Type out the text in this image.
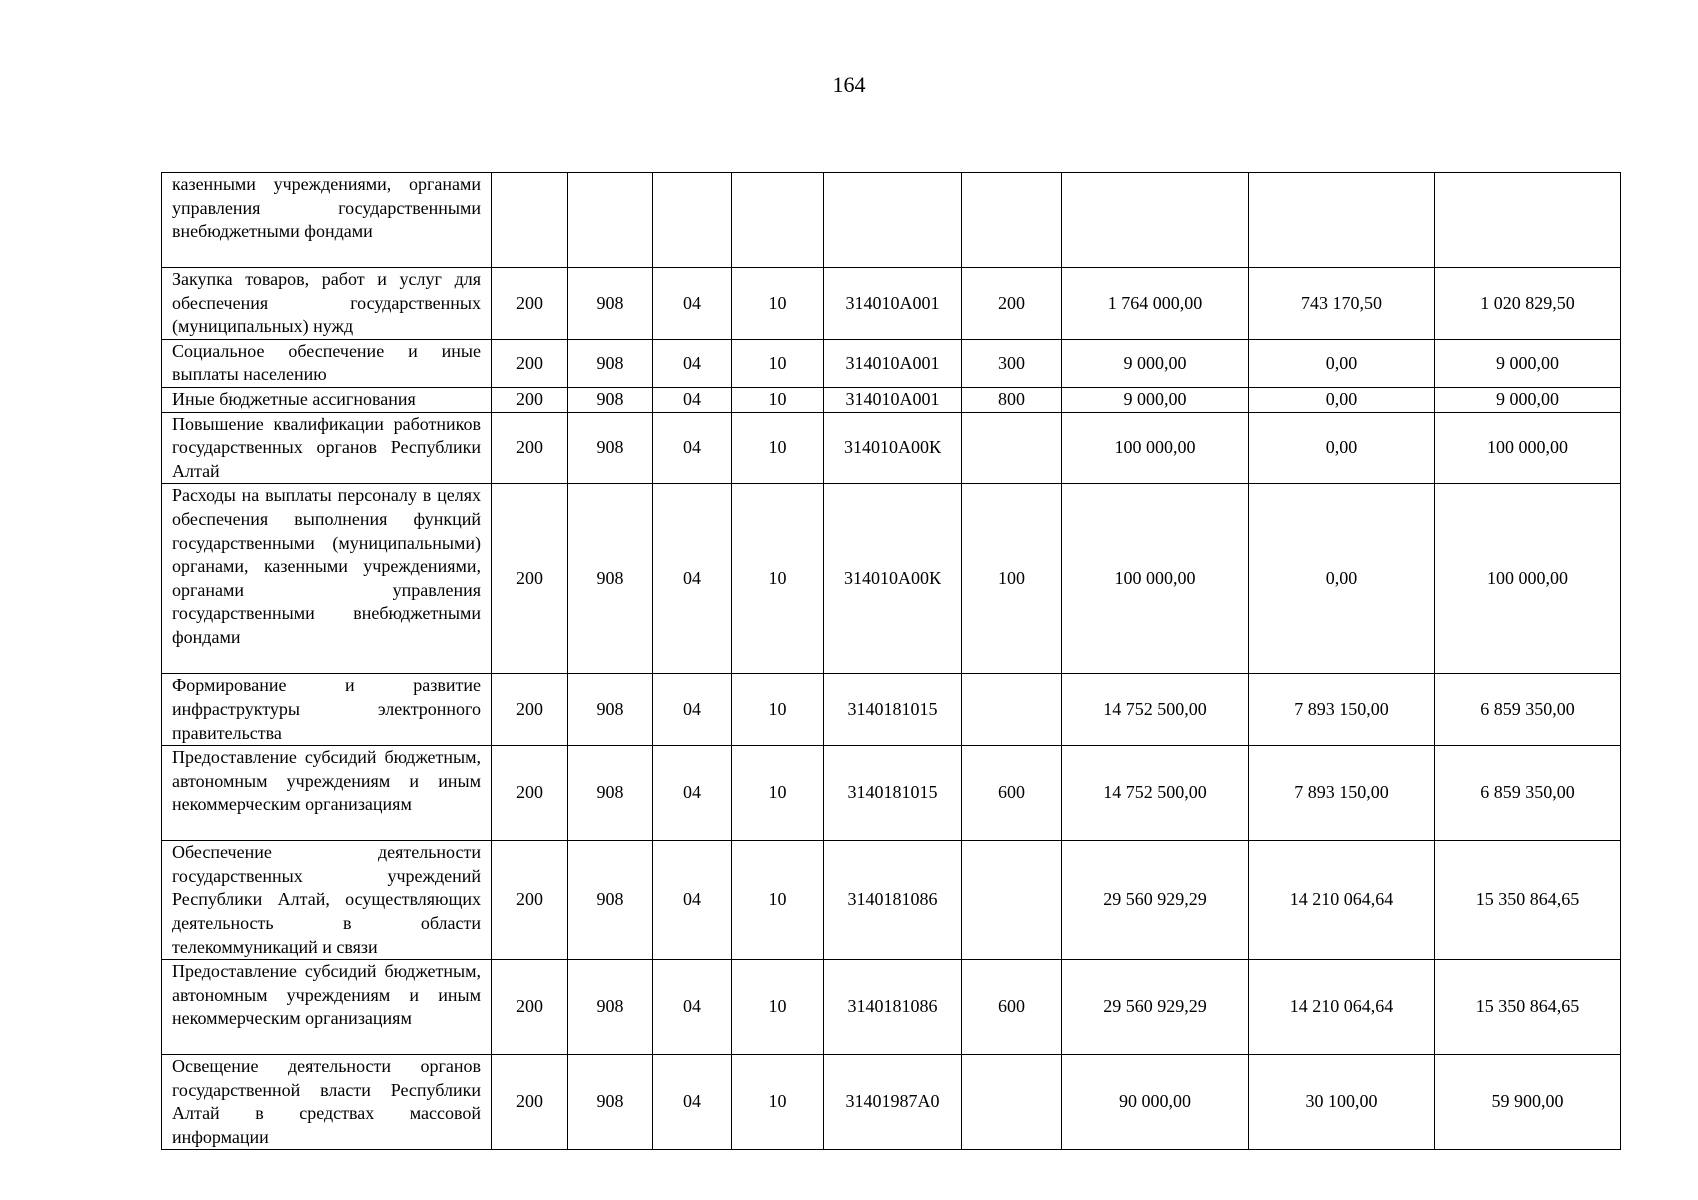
164
казенными учреждениями, органами управления государственными внебюджетными фондами									
Закупка товаров, работ и услуг для обеспечения государственных (муниципальных) нужд	200	908	04	10	314010А001	200	1 764 000,00	743 170,50	1 020 829,50
Социальное обеспечение и иные выплаты населению	200	908	04	10	314010А001	300	9 000,00	0,00	9 000,00
Иные бюджетные ассигнования	200	908	04	10	314010А001	800	9 000,00	0,00	9 000,00
Повышение квалификации работников государственных органов Республики Алтай	200	908	04	10	314010А00К		100 000,00	0,00	100 000,00
Расходы на выплаты персоналу в целях обеспечения выполнения функций государственными (муниципальными) органами, казенными учреждениями, органами управления государственными внебюджетными фондами	200	908	04	10	314010А00К	100	100 000,00	0,00	100 000,00
Формирование и развитие инфраструктуры электронного правительства	200	908	04	10	3140181015		14 752 500,00	7 893 150,00	6 859 350,00
Предоставление субсидий бюджетным, автономным учреждениям и иным некоммерческим организациям	200	908	04	10	3140181015	600	14 752 500,00	7 893 150,00	6 859 350,00
Обеспечение деятельности государственных учреждений Республики Алтай, осуществляющих деятельность в области телекоммуникаций и связи	200	908	04	10	3140181086		29 560 929,29	14 210 064,64	15 350 864,65
Предоставление субсидий бюджетным, автономным учреждениям и иным некоммерческим организациям	200	908	04	10	3140181086	600	29 560 929,29	14 210 064,64	15 350 864,65
Освещение деятельности органов государственной власти Республики Алтай в средствах массовой информации	200	908	04	10	31401987А0		90 000,00	30 100,00	59 900,00
